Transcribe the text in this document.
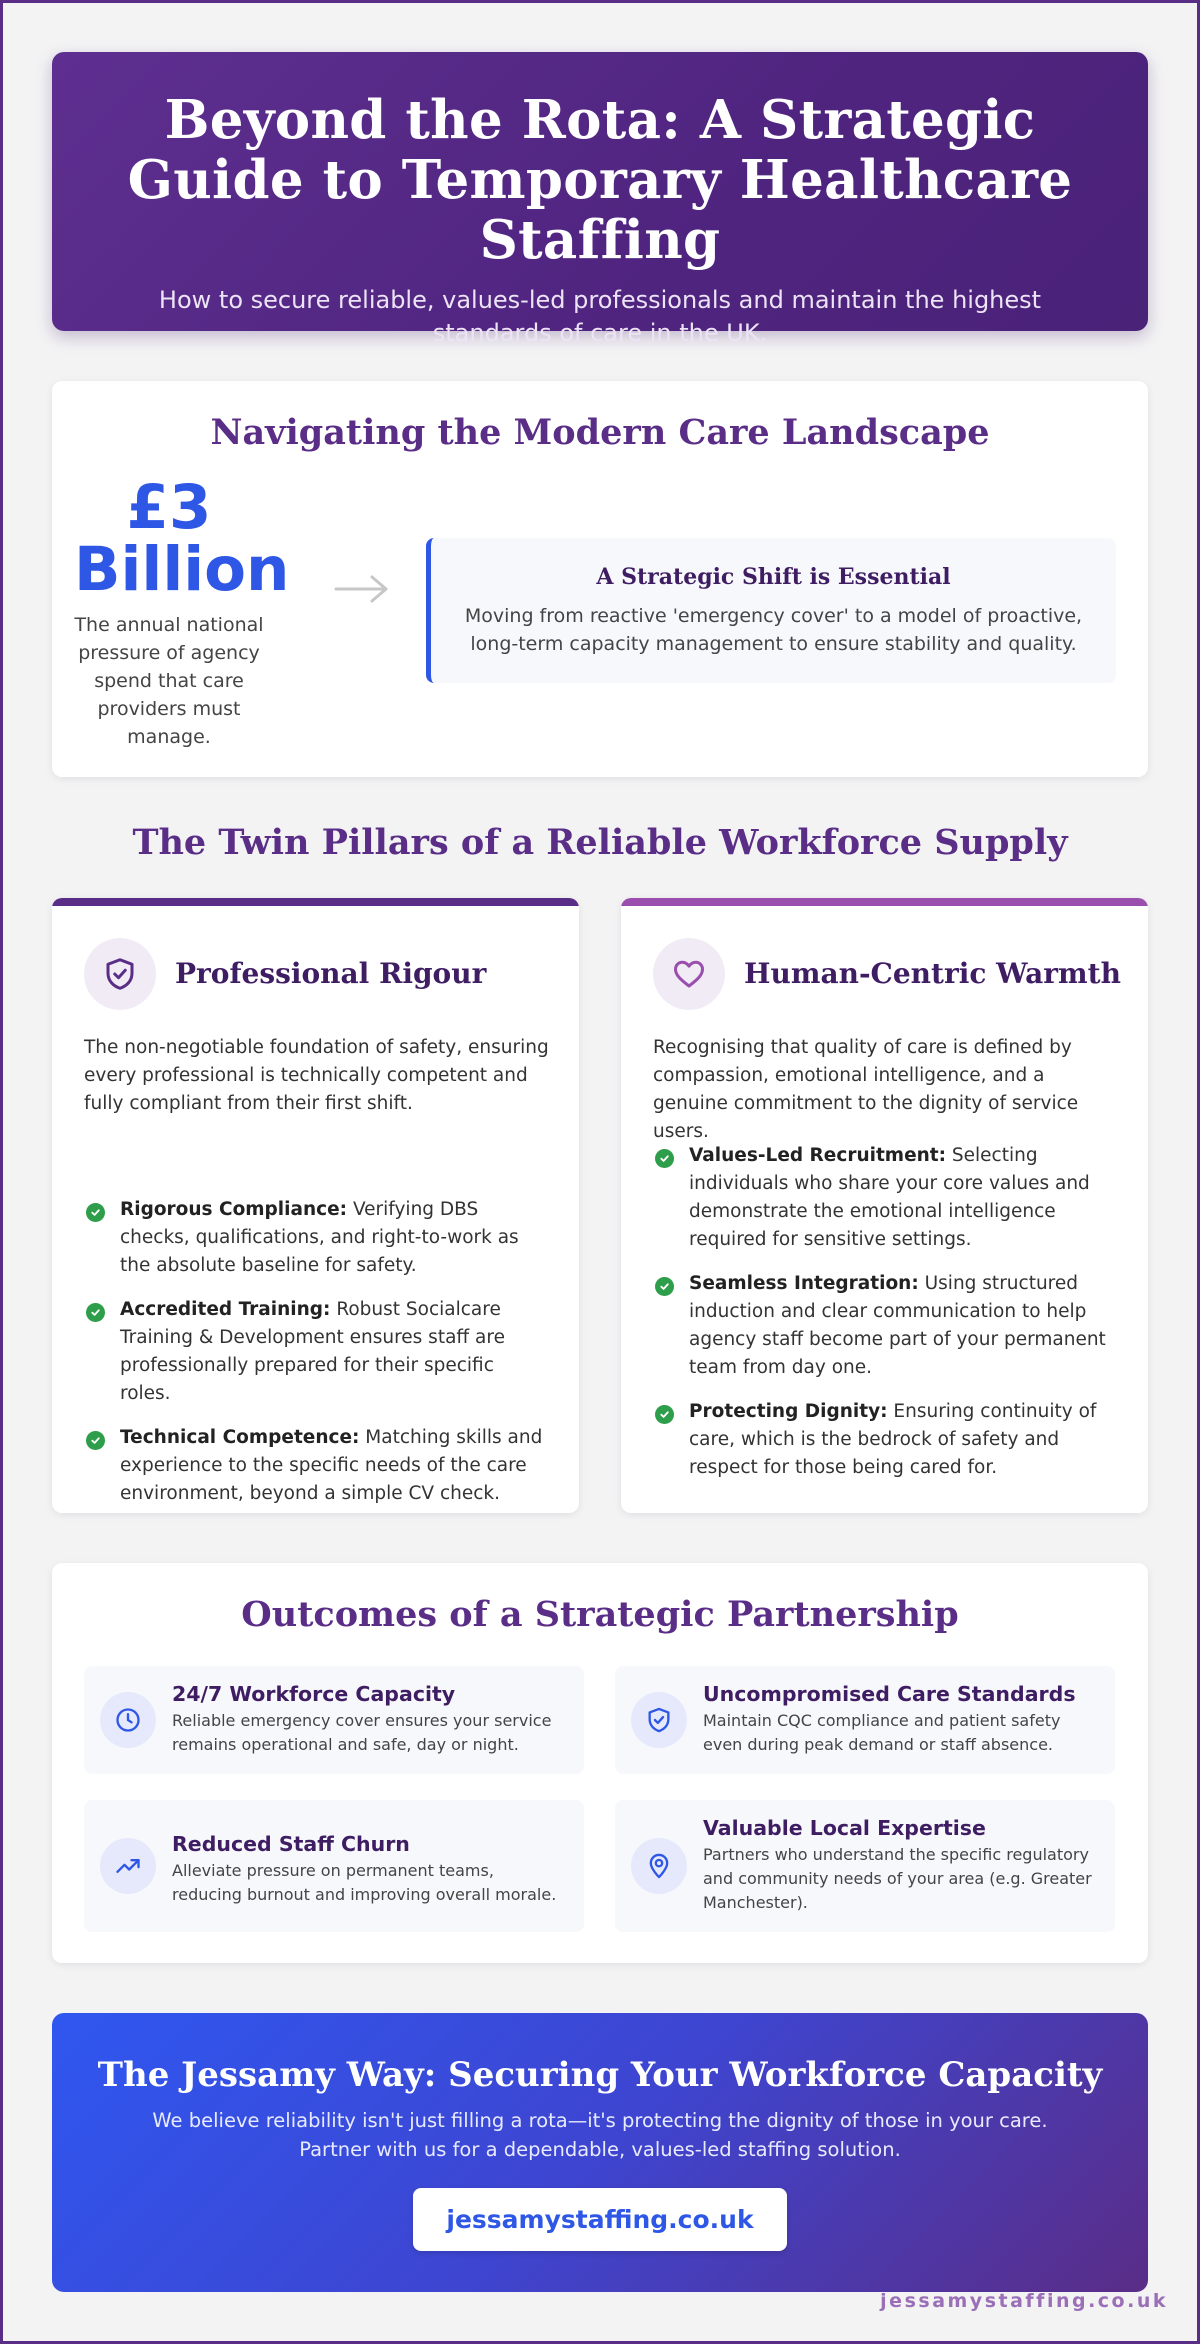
Beyond the Rota: A Strategic Guide to Temporary Healthcare Staffing

How to secure reliable, values-led professionals and maintain the highest standards of care in the UK.

Navigating the Modern Care Landscape
£3
Billion
The annual national pressure of agency spend that care providers must manage.
A Strategic Shift is Essential

Moving from reactive 'emergency cover' to a model of proactive, long-term capacity management to ensure stability and quality.

The Twin Pillars of a Reliable Workforce Supply
Professional Rigour

The non-negotiable foundation of safety, ensuring every professional is technically competent and fully compliant from their first shift.

Rigorous Compliance: Verifying DBS checks, qualifications, and right-to-work as the absolute baseline for safety.
Accredited Training: Robust Socialcare Training & Development ensures staff are professionally prepared for their specific roles.
Technical Competence: Matching skills and experience to the specific needs of the care environment, beyond a simple CV check.
Human-Centric Warmth

Recognising that quality of care is defined by compassion, emotional intelligence, and a genuine commitment to the dignity of service users.

Values-Led Recruitment: Selecting individuals who share your core values and demonstrate the emotional intelligence required for sensitive settings.
Seamless Integration: Using structured induction and clear communication to help agency staff become part of your permanent team from day one.
Protecting Dignity: Ensuring continuity of care, which is the bedrock of safety and respect for those being cared for.
Outcomes of a Strategic Partnership
24/7 Workforce Capacity

Reliable emergency cover ensures your service remains operational and safe, day or night.

Uncompromised Care Standards

Maintain CQC compliance and patient safety even during peak demand or staff absence.

Reduced Staff Churn

Alleviate pressure on permanent teams, reducing burnout and improving overall morale.

Valuable Local Expertise

Partners who understand the specific regulatory and community needs of your area (e.g. Greater Manchester).

The Jessamy Way: Securing Your Workforce Capacity

We believe reliability isn't just filling a rota—it's protecting the dignity of those in your care. Partner with us for a dependable, values-led staffing solution.

jessamystaffing.co.uk
jessamystaffing.co.uk
